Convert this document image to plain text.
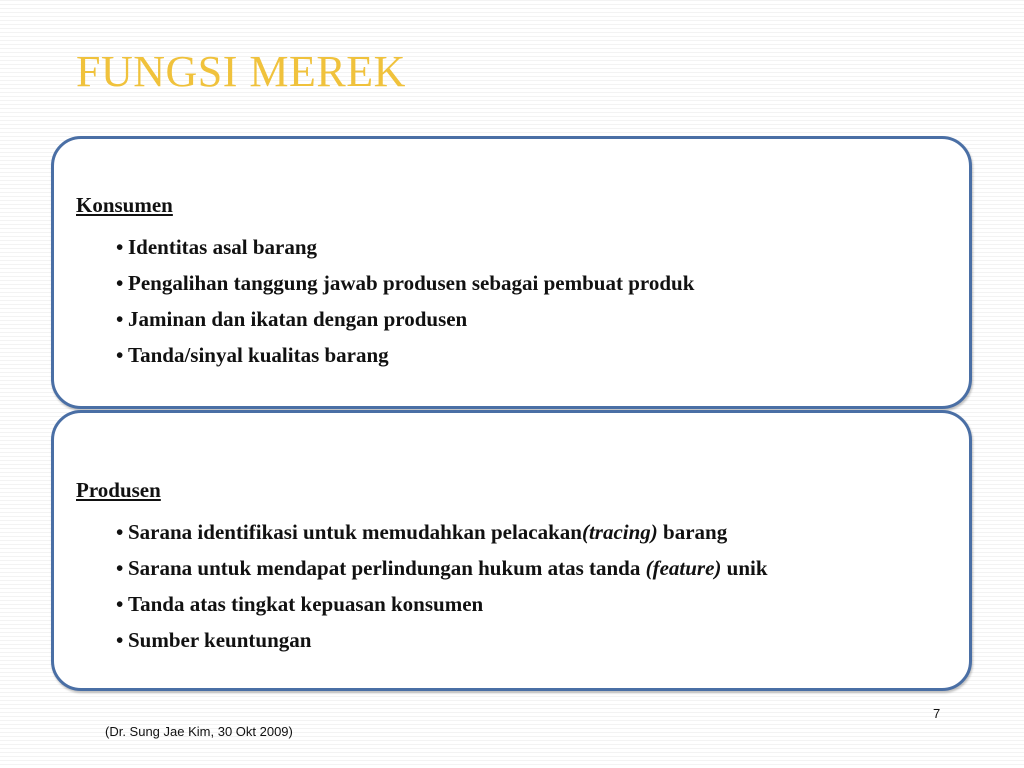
FUNGSI MEREK
Konsumen
• Identitas asal barang
• Pengalihan tanggung jawab produsen sebagai pembuat produk
• Jaminan dan ikatan dengan produsen
• Tanda/sinyal kualitas barang
Produsen
• Sarana identifikasi untuk memudahkan pelacakan(tracing) barang
• Sarana untuk mendapat perlindungan hukum atas tanda (feature) unik
• Tanda atas tingkat kepuasan konsumen
• Sumber keuntungan
(Dr. Sung Jae Kim, 30 Okt 2009)
7
